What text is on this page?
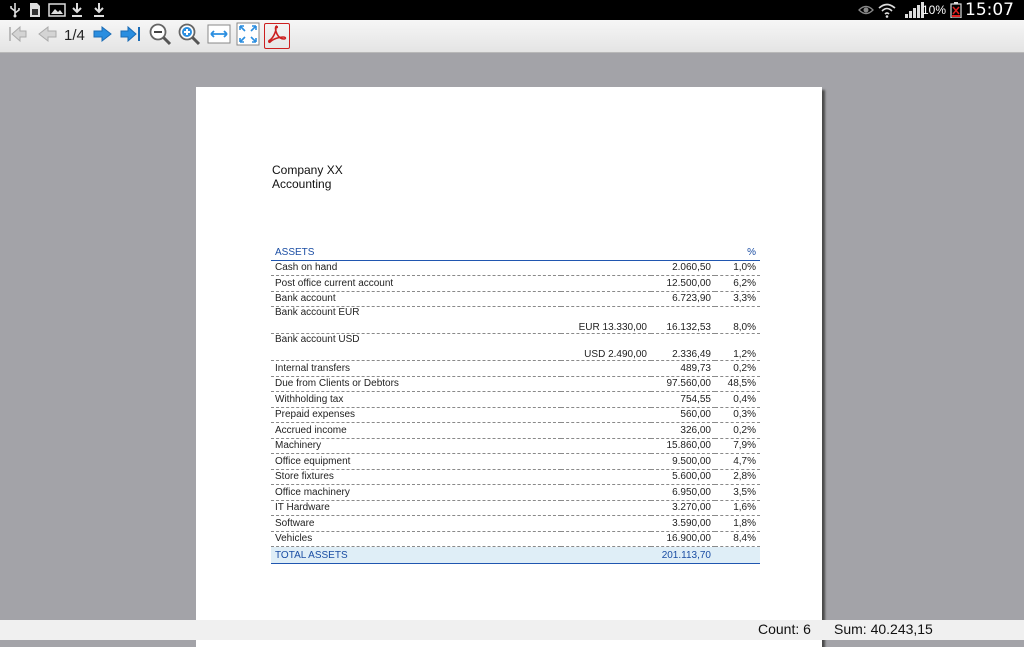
10% 15:07
1/4
Company XX
Accounting
ASSETS			%
Cash on hand		2.060,50	1,0%
Post office current account		12.500,00	6,2%
Bank account		6.723,90	3,3%
Bank account EUR	EUR 13.330,00	16.132,53	8,0%
Bank account USD	USD 2.490,00	2.336,49	1,2%
Internal transfers		489,73	0,2%
Due from Clients or Debtors		97.560,00	48,5%
Withholding tax		754,55	0,4%
Prepaid expenses		560,00	0,3%
Accrued income		326,00	0,2%
Machinery		15.860,00	7,9%
Office equipment		9.500,00	4,7%
Store fixtures		5.600,00	2,8%
Office machinery		6.950,00	3,5%
IT Hardware		3.270,00	1,6%
Software		3.590,00	1,8%
Vehicles		16.900,00	8,4%
TOTAL ASSETS		201.113,70	
Count: 6 Sum: 40.243,15
